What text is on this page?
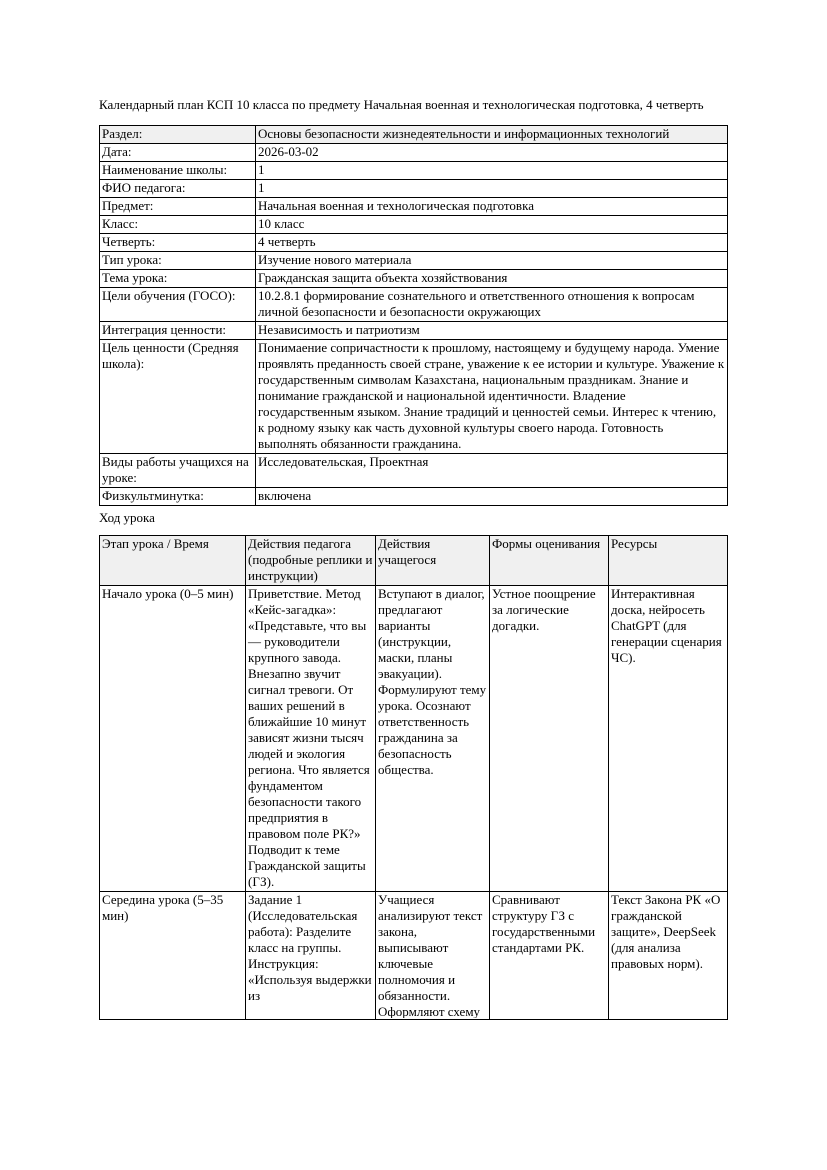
Календарный план КСП 10 класса по предмету Начальная военная и технологическая подготовка, 4 четверть

Раздел:	Основы безопасности жизнедеятельности и информационных технологий
Дата:	2026-03-02
Наименование школы:	1
ФИО педагога:	1
Предмет:	Начальная военная и технологическая подготовка
Класс:	10 класс
Четверть:	4 четверть
Тип урока:	Изучение нового материала
Тема урока:	Гражданская защита объекта хозяйствования
Цели обучения (ГОСО):	10.2.8.1 формирование сознательного и ответственного отношения к вопросам личной безопасности и безопасности окружающих
Интеграция ценности:	Независимость и патриотизм
Цель ценности (Средняя школа):	Понимаение сопричастности к прошлому, настоящему и будущему народа. Умение проявлять преданность своей стране, уважение к ее истории и культуре. Уважение к государственным символам Казахстана, национальным праздникам. Знание и понимание гражданской и национальной идентичности. Владение государственным языком. Знание традиций и ценностей семьи. Интерес к чтению, к родному языку как часть духовной культуры своего народа. Готовность выполнять обязанности гражданина.
Виды работы учащихся на уроке:	Исследовательская, Проектная
Физкультминутка:	включена

Ход урока

Этап урока / Время	Действия педагога (подробные реплики и инструкции)	Действия учащегося	Формы оценивания	Ресурсы
Начало урока (0–5 мин)	Приветствие. Метод «Кейс-загадка»: «Представьте, что вы — руководители крупного завода. Внезапно звучит сигнал тревоги. От ваших решений в ближайшие 10 минут зависят жизни тысяч людей и экология региона. Что является фундаментом безопасности такого предприятия в правовом поле РК?» Подводит к теме Гражданской защиты (ГЗ).	Вступают в диалог, предлагают варианты (инструкции, маски, планы эвакуации). Формулируют тему урока. Осознают ответственность гражданина за безопасность общества.	Устное поощрение за логические догадки.	Интерактивная доска, нейросеть ChatGPT (для генерации сценария ЧС).

Середина урока (5–35 мин)	Задание 1 (Исследовательская работа): Разделите класс на группы. Инструкция: «Используя выдержки из	Учащиеся анализируют текст закона, выписывают ключевые полномочия и обязанности. Оформляют схему	Сравнивают структуру ГЗ с государственными стандартами РК.	Текст Закона РК «О гражданской защите», DeepSeek (для анализа правовых норм).
